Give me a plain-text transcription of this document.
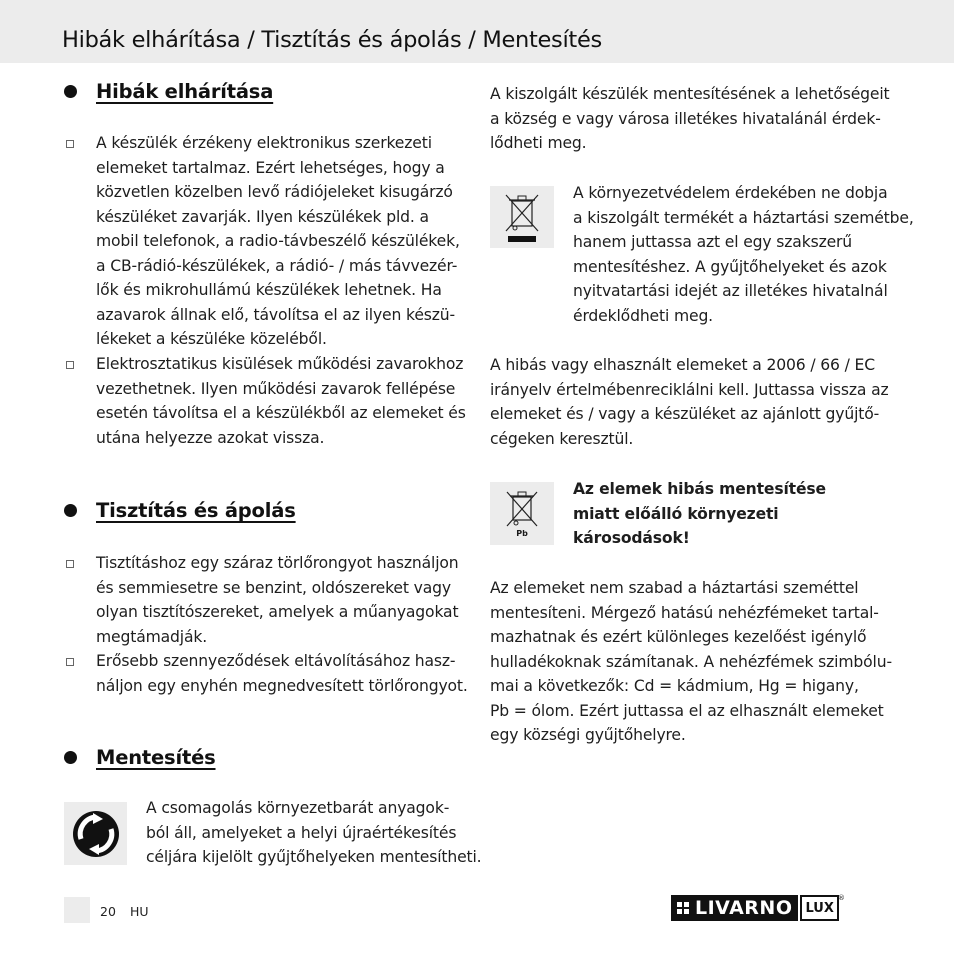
Hibák elhárítása / Tisztítás és ápolás / Mentesítés
Hibák elhárítása
A készülék érzékeny elektronikus szerkezeti
elemeket tartalmaz. Ezért lehetséges, hogy a
közvetlen közelben levő rádiójeleket kisugárzó
készüléket zavarják. Ilyen készülékek pld. a
mobil telefonok, a radio-távbeszélő készülékek,
a CB-rádió-készülékek, a rádió- / más távvezér-
lők és mikrohullámú készülékek lehetnek. Ha
azavarok állnak elő, távolítsa el az ilyen készü-
lékeket a készüléke közeléből.
Elektrosztatikus kisülések működési zavarokhoz
vezethetnek. Ilyen működési zavarok fellépése
esetén távolítsa el a készülékből az elemeket és
utána helyezze azokat vissza.
Tisztítás és ápolás
Tisztításhoz egy száraz törlőrongyot használjon
és semmiesetre se benzint, oldószereket vagy
olyan tisztítószereket, amelyek a műanyagokat
megtámadják.
Erősebb szennyeződések eltávolításához hasz-
náljon egy enyhén megnedvesített törlőrongyot.
Mentesítés
A csomagolás környezetbarát anyagok-
ból áll, amelyeket a helyi újraértékesítés
céljára kijelölt gyűjtőhelyeken mentesítheti.
A kiszolgált készülék mentesítésének a lehetőségeit
a község e vagy városa illetékes hivatalánál érdek-
lődheti meg.
A környezetvédelem érdekében ne dobja
a kiszolgált termékét a háztartási szemétbe,
hanem juttassa azt el egy szakszerű
mentesítéshez. A gyűjtőhelyeket és azok
nyitvatartási idejét az illetékes hivatalnál
érdeklődheti meg.
A hibás vagy elhasznált elemeket a 2006 / 66 / EC
irányelv értelmébenreciklálni kell. Juttassa vissza az
elemeket és / vagy a készüléket az ajánlott gyűjtő-
cégeken keresztül.
Pb
Az elemek hibás mentesítése
miatt előálló környezeti
károsodások!
Az elemeket nem szabad a háztartási szeméttel
mentesíteni. Mérgező hatású nehézfémeket tartal-
mazhatnak és ezért különleges kezelőést igénylő
hulladékoknak számítanak. A nehézfémek szimbólu-
mai a következők: Cd = kádmium, Hg = higany,
Pb = ólom. Ezért juttassa el az elhasznált elemeket
egy községi gyűjtőhelyre.
20 HU	LIVARNO LUX
®
